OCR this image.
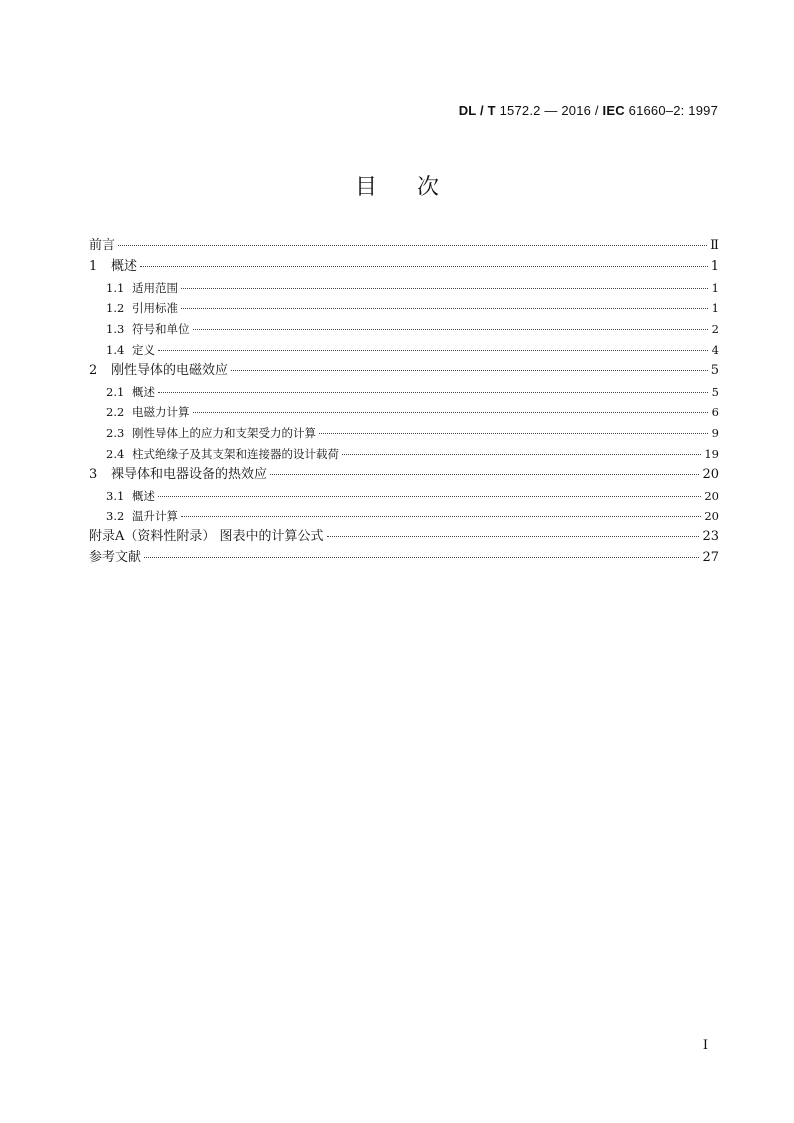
DL / T 1572.2 — 2016 / IEC 61660–2: 1997
目次
前言	Ⅱ
1	概述	1
1.1 适用范围	1
1.2 引用标准	1
1.3 符号和单位	2
1.4 定义	4
2	刚性导体的电磁效应	5
2.1 概述	5
2.2 电磁力计算	6
2.3 刚性导体上的应力和支架受力的计算	9
2.4 柱式绝缘子及其支架和连接器的设计载荷	19
3	裸导体和电器设备的热效应	20
3.1 概述	20
3.2 温升计算	20
附录A（资料性附录） 图表中的计算公式	23
参考文献	27
I
